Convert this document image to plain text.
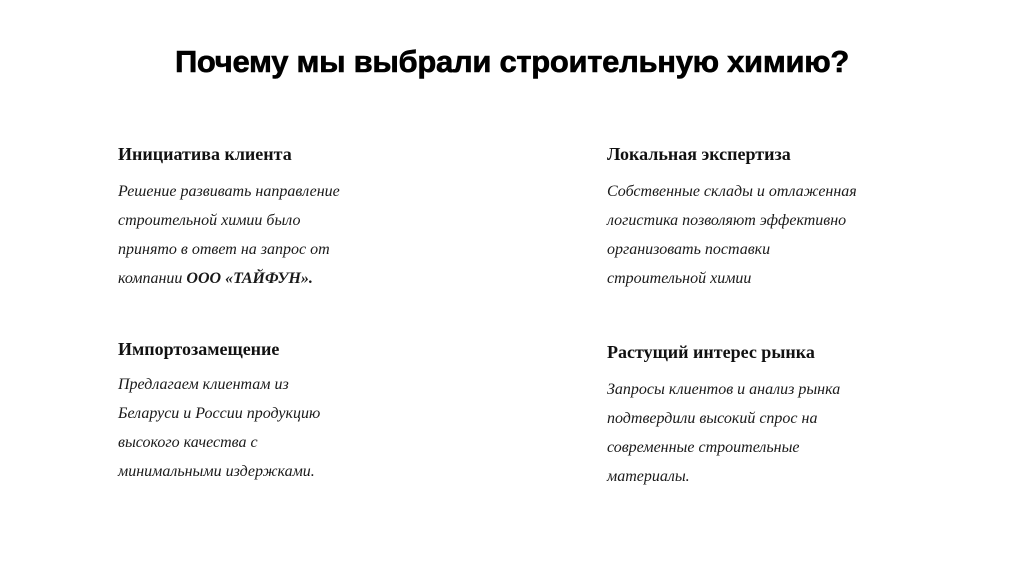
Почему мы выбрали строительную химию?
Инициатива клиента
Решение развивать направление
строительной химии было
принято в ответ на запрос от
компании ООО «ТАЙФУН».
Локальная экспертиза
Собственные склады и отлаженная
логистика позволяют эффективно
организовать поставки
строительной химии
Импортозамещение
Предлагаем клиентам из
Беларуси и России продукцию
высокого качества с
минимальными издержками.
Растущий интерес рынка
Запросы клиентов и анализ рынка
подтвердили высокий спрос на
современные строительные
материалы.
